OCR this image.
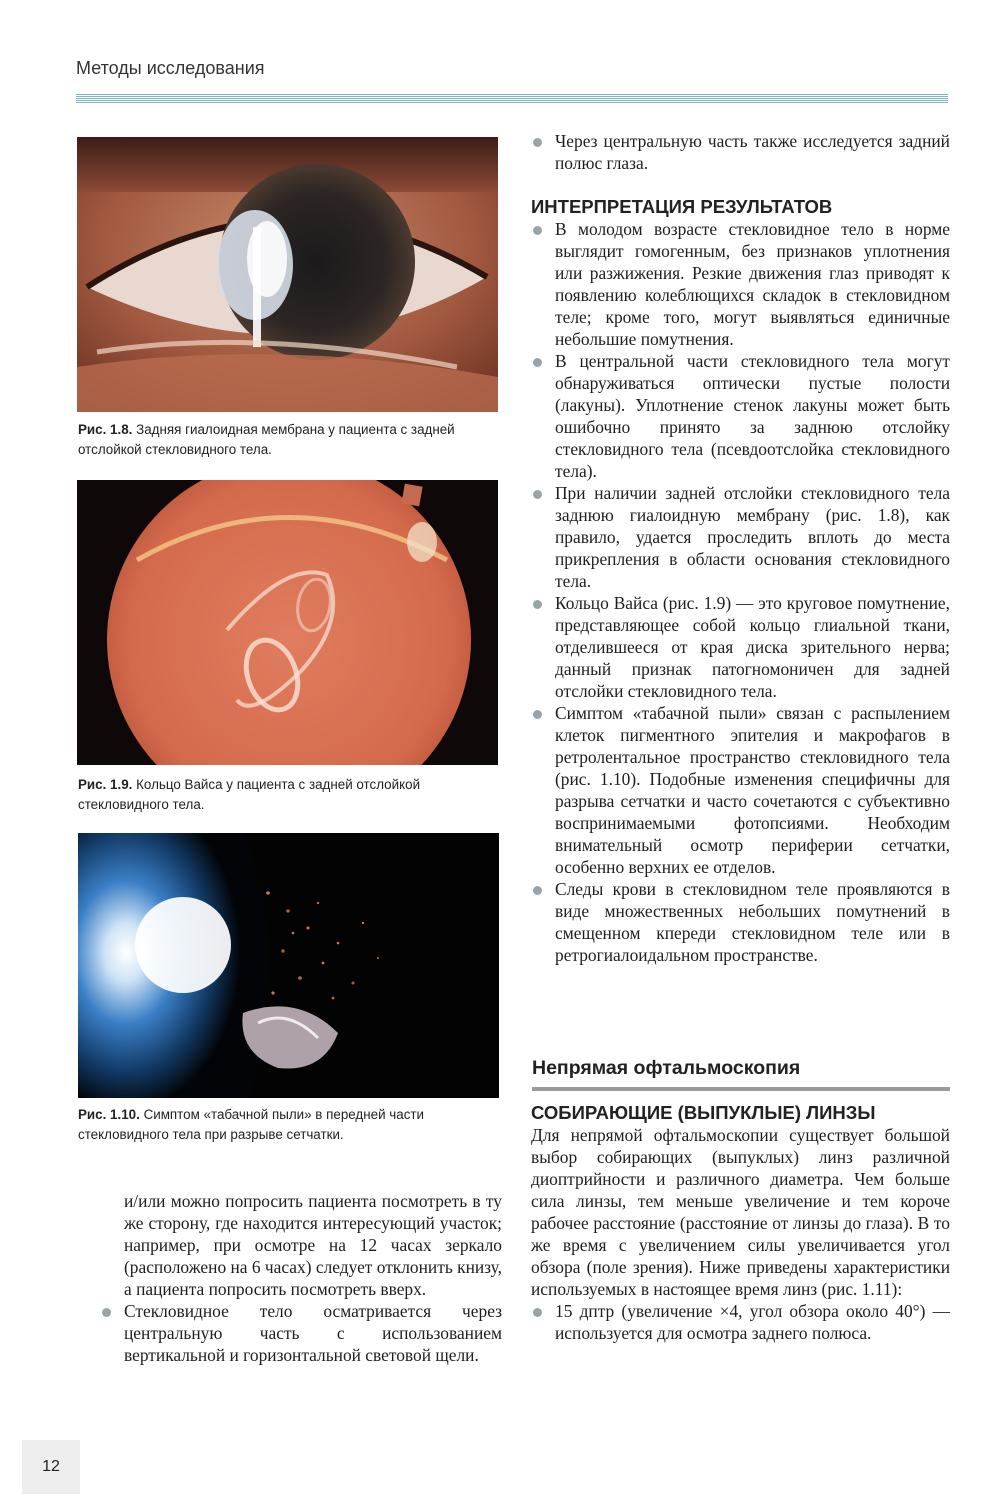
Методы исследования
Рис. 1.8. Задняя гиалоидная мембрана у пациента с задней отслойкой стекловидного тела.
Рис. 1.9. Кольцо Вайса у пациента с задней отслойкой стекловидного тела.
Рис. 1.10. Симптом «табачной пыли» в передней части стекловидного тела при разрыве сетчатки.

и/или можно попросить пациента посмотреть в ту же сторону, где находится интересующий участок; например, при осмотре на 12 часах зеркало (расположено на 6 часах) следует отклонить книзу, а пациента попросить посмотреть вверх.

Стекловидное тело осматривается через центральную часть с использованием вертикальной и горизонтальной световой щели.
Через центральную часть также исследуется задний полюс глаза.
ИНТЕРПРЕТАЦИЯ РЕЗУЛЬТАТОВ
В молодом возрасте стекловидное тело в норме выглядит гомогенным, без признаков уплотнения или разжижения. Резкие движения глаз приводят к появлению колеблющихся складок в стекловидном теле; кроме того, могут выявляться единичные небольшие помутнения.
В центральной части стекловидного тела могут обнаруживаться оптически пустые полости (лакуны). Уплотнение стенок лакуны может быть ошибочно принято за заднюю отслойку стекловидного тела (псевдоотслойка стекловидного тела).
При наличии задней отслойки стекловидного тела заднюю гиалоидную мембрану (рис. 1.8), как правило, удается проследить вплоть до места прикрепления в области основания стекловидного тела.
Кольцо Вайса (рис. 1.9) — это круговое помутнение, представляющее собой кольцо глиальной ткани, отделившееся от края диска зрительного нерва; данный признак патогномоничен для задней отслойки стекловидного тела.
Симптом «табачной пыли» связан с распылением клеток пигментного эпителия и макрофагов в ретролентальное пространство стекловидного тела (рис. 1.10). Подобные изменения специфичны для разрыва сетчатки и часто сочетаются с субъективно воспринимаемыми фотопсиями. Необходим внимательный осмотр периферии сетчатки, особенно верхних ее отделов.
Следы крови в стекловидном теле проявляются в виде множественных небольших помутнений в смещенном кпереди стекловидном теле или в ретрогиалоидальном пространстве.
Непрямая офтальмоскопия
СОБИРАЮЩИЕ (ВЫПУКЛЫЕ) ЛИНЗЫ

Для непрямой офтальмоскопии существует большой выбор собирающих (выпуклых) линз различной диоптрийности и различного диаметра. Чем больше сила линзы, тем меньше увеличение и тем короче рабочее расстояние (расстояние от линзы до глаза). В то же время с увеличением силы увеличивается угол обзора (поле зрения). Ниже приведены характеристики используемых в настоящее время линз (рис. 1.11):

15 дптр (увеличение ×4, угол обзора около 40°) — используется для осмотра заднего полюса.
12
